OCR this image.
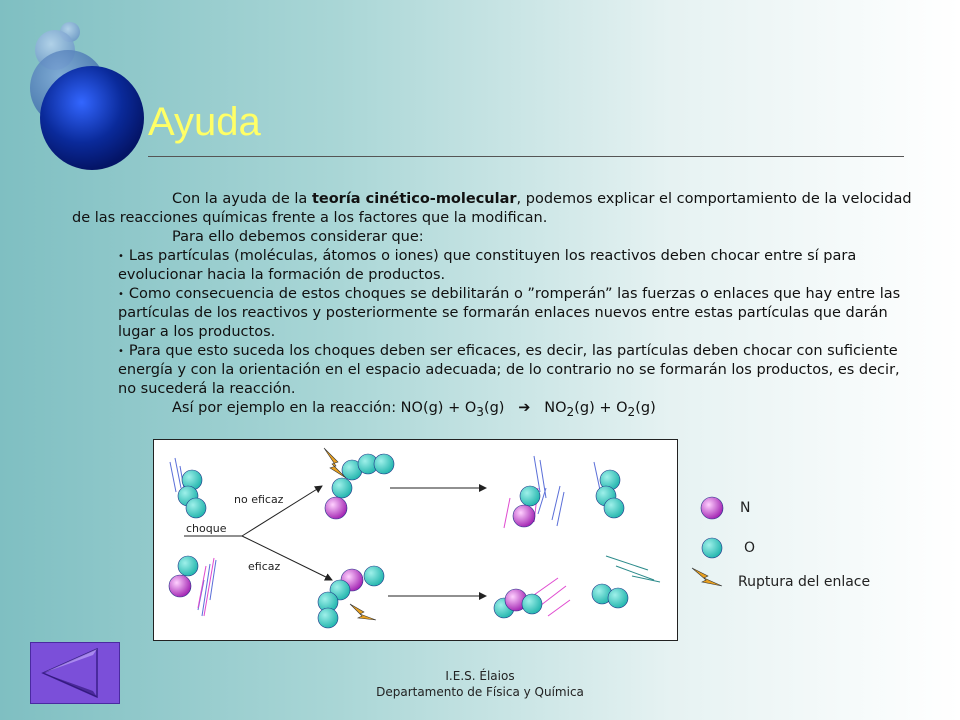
Ayuda

Con la ayuda de la teoría cinético-molecular, podemos explicar el comportamiento de la velocidad de las reacciones químicas frente a los factores que la modifican.

Para ello debemos considerar que:

• Las partículas (moléculas, átomos o iones) que constituyen los reactivos deben chocar entre sí para evolucionar hacia la formación de productos.

• Como consecuencia de estos choques se debilitarán o ”romperán” las fuerzas o enlaces que hay entre las partículas de los reactivos y posteriormente se formarán enlaces nuevos entre estas partículas que darán lugar a los productos.

• Para que esto suceda los choques deben ser eficaces, es decir, las partículas deben chocar con suficiente energía y con la orientación en el espacio adecuada; de lo contrario no se formarán los productos, es decir, no sucederá la reacción.

Así por ejemplo en la reacción: $NO(g) + O_3(g)$ ➔ $NO_2(g) + O_2(g)$

no eficaz
choque
eficaz
N
O
Ruptura del enlace

I.E.S. Élaios

Departamento de Física y Química
